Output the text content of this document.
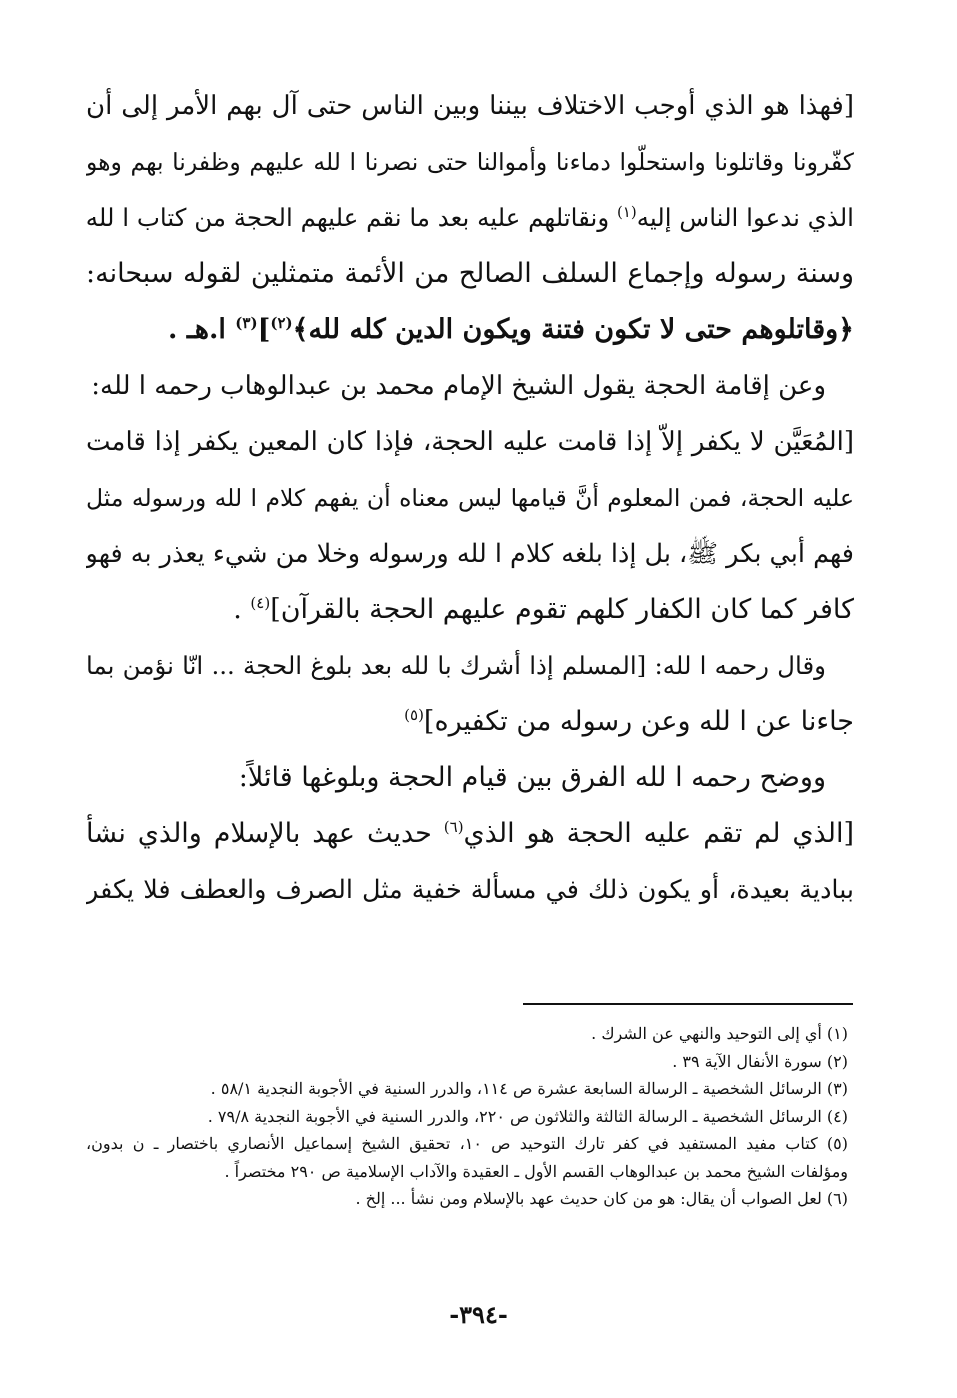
[فهذا هو الذي أوجب الاختلاف بيننا وبين الناس حتى آل بهم الأمر إلى أن
كفّرونا وقاتلونا واستحلّوا دماءنا وأموالنا حتى نصرنا ا لله عليهم وظفرنا بهم وهو
الذي ندعوا الناس إليه$^{(١)}$ ونقاتلهم عليه بعد ما نقم عليهم الحجة من كتاب ا لله
وسنة رسوله وإجماع السلف الصالح من الأئمة متمثلين لقوله سبحانه:
﴿وقاتلوهم حتى لا تكون فتنة ويكون الدين كله لله﴾$^{(٢)}$]$^{(٣)}$ ا.هـ .
وعن إقامة الحجة يقول الشيخ الإمام محمد بن عبدالوهاب رحمه ا لله:
[المُعَيَّن لا يكفر إلاّ إذا قامت عليه الحجة، فإذا كان المعين يكفر إذا قامت
عليه الحجة، فمن المعلوم أنَّ قيامها ليس معناه أن يفهم كلام ا لله ورسوله مثل
فهم أبي بكر ﷺ، بل إذا بلغه كلام ا لله ورسوله وخلا من شيء يعذر به فهو
كافر كما كان الكفار كلهم تقوم عليهم الحجة بالقرآن]$^{(٤)}$ .
وقال رحمه ا لله: [المسلم إذا أشرك با لله بعد بلوغ الحجة ... انّا نؤمن بما
جاءنا عن ا لله وعن رسوله من تكفيره]$^{(٥)}$
ووضح رحمه ا لله الفرق بين قيام الحجة وبلوغها قائلاً:
[الذي لم تقم عليه الحجة هو الذي$^{(٦)}$ حديث عهد بالإسلام والذي نشأ
ببادية بعيدة، أو يكون ذلك في مسألة خفية مثل الصرف والعطف فلا يكفر
(١) أي إلى التوحيد والنهي عن الشرك .
(٢) سورة الأنفال الآية ٣٩ .
(٣) الرسائل الشخصية ـ الرسالة السابعة عشرة ص ١١٤، والدرر السنية في الأجوبة النجدية ٥٨/١ .
(٤) الرسائل الشخصية ـ الرسالة الثالثة والثلاثون ص ٢٢٠، والدرر السنية في الأجوبة النجدية ٧٩/٨ .
(٥) كتاب مفيد المستفيد في كفر تارك التوحيد ص ١٠، تحقيق الشيخ إسماعيل الأنصاري باختصار ـ ن بدون،
ومؤلفات الشيخ محمد بن عبدالوهاب القسم الأول ـ العقيدة والآداب الإسلامية ص ٢٩٠ مختصراً .
(٦) لعل الصواب أن يقال: هو من كان حديث عهد بالإسلام ومن نشأ ... إلخ .
-٣٩٤-
